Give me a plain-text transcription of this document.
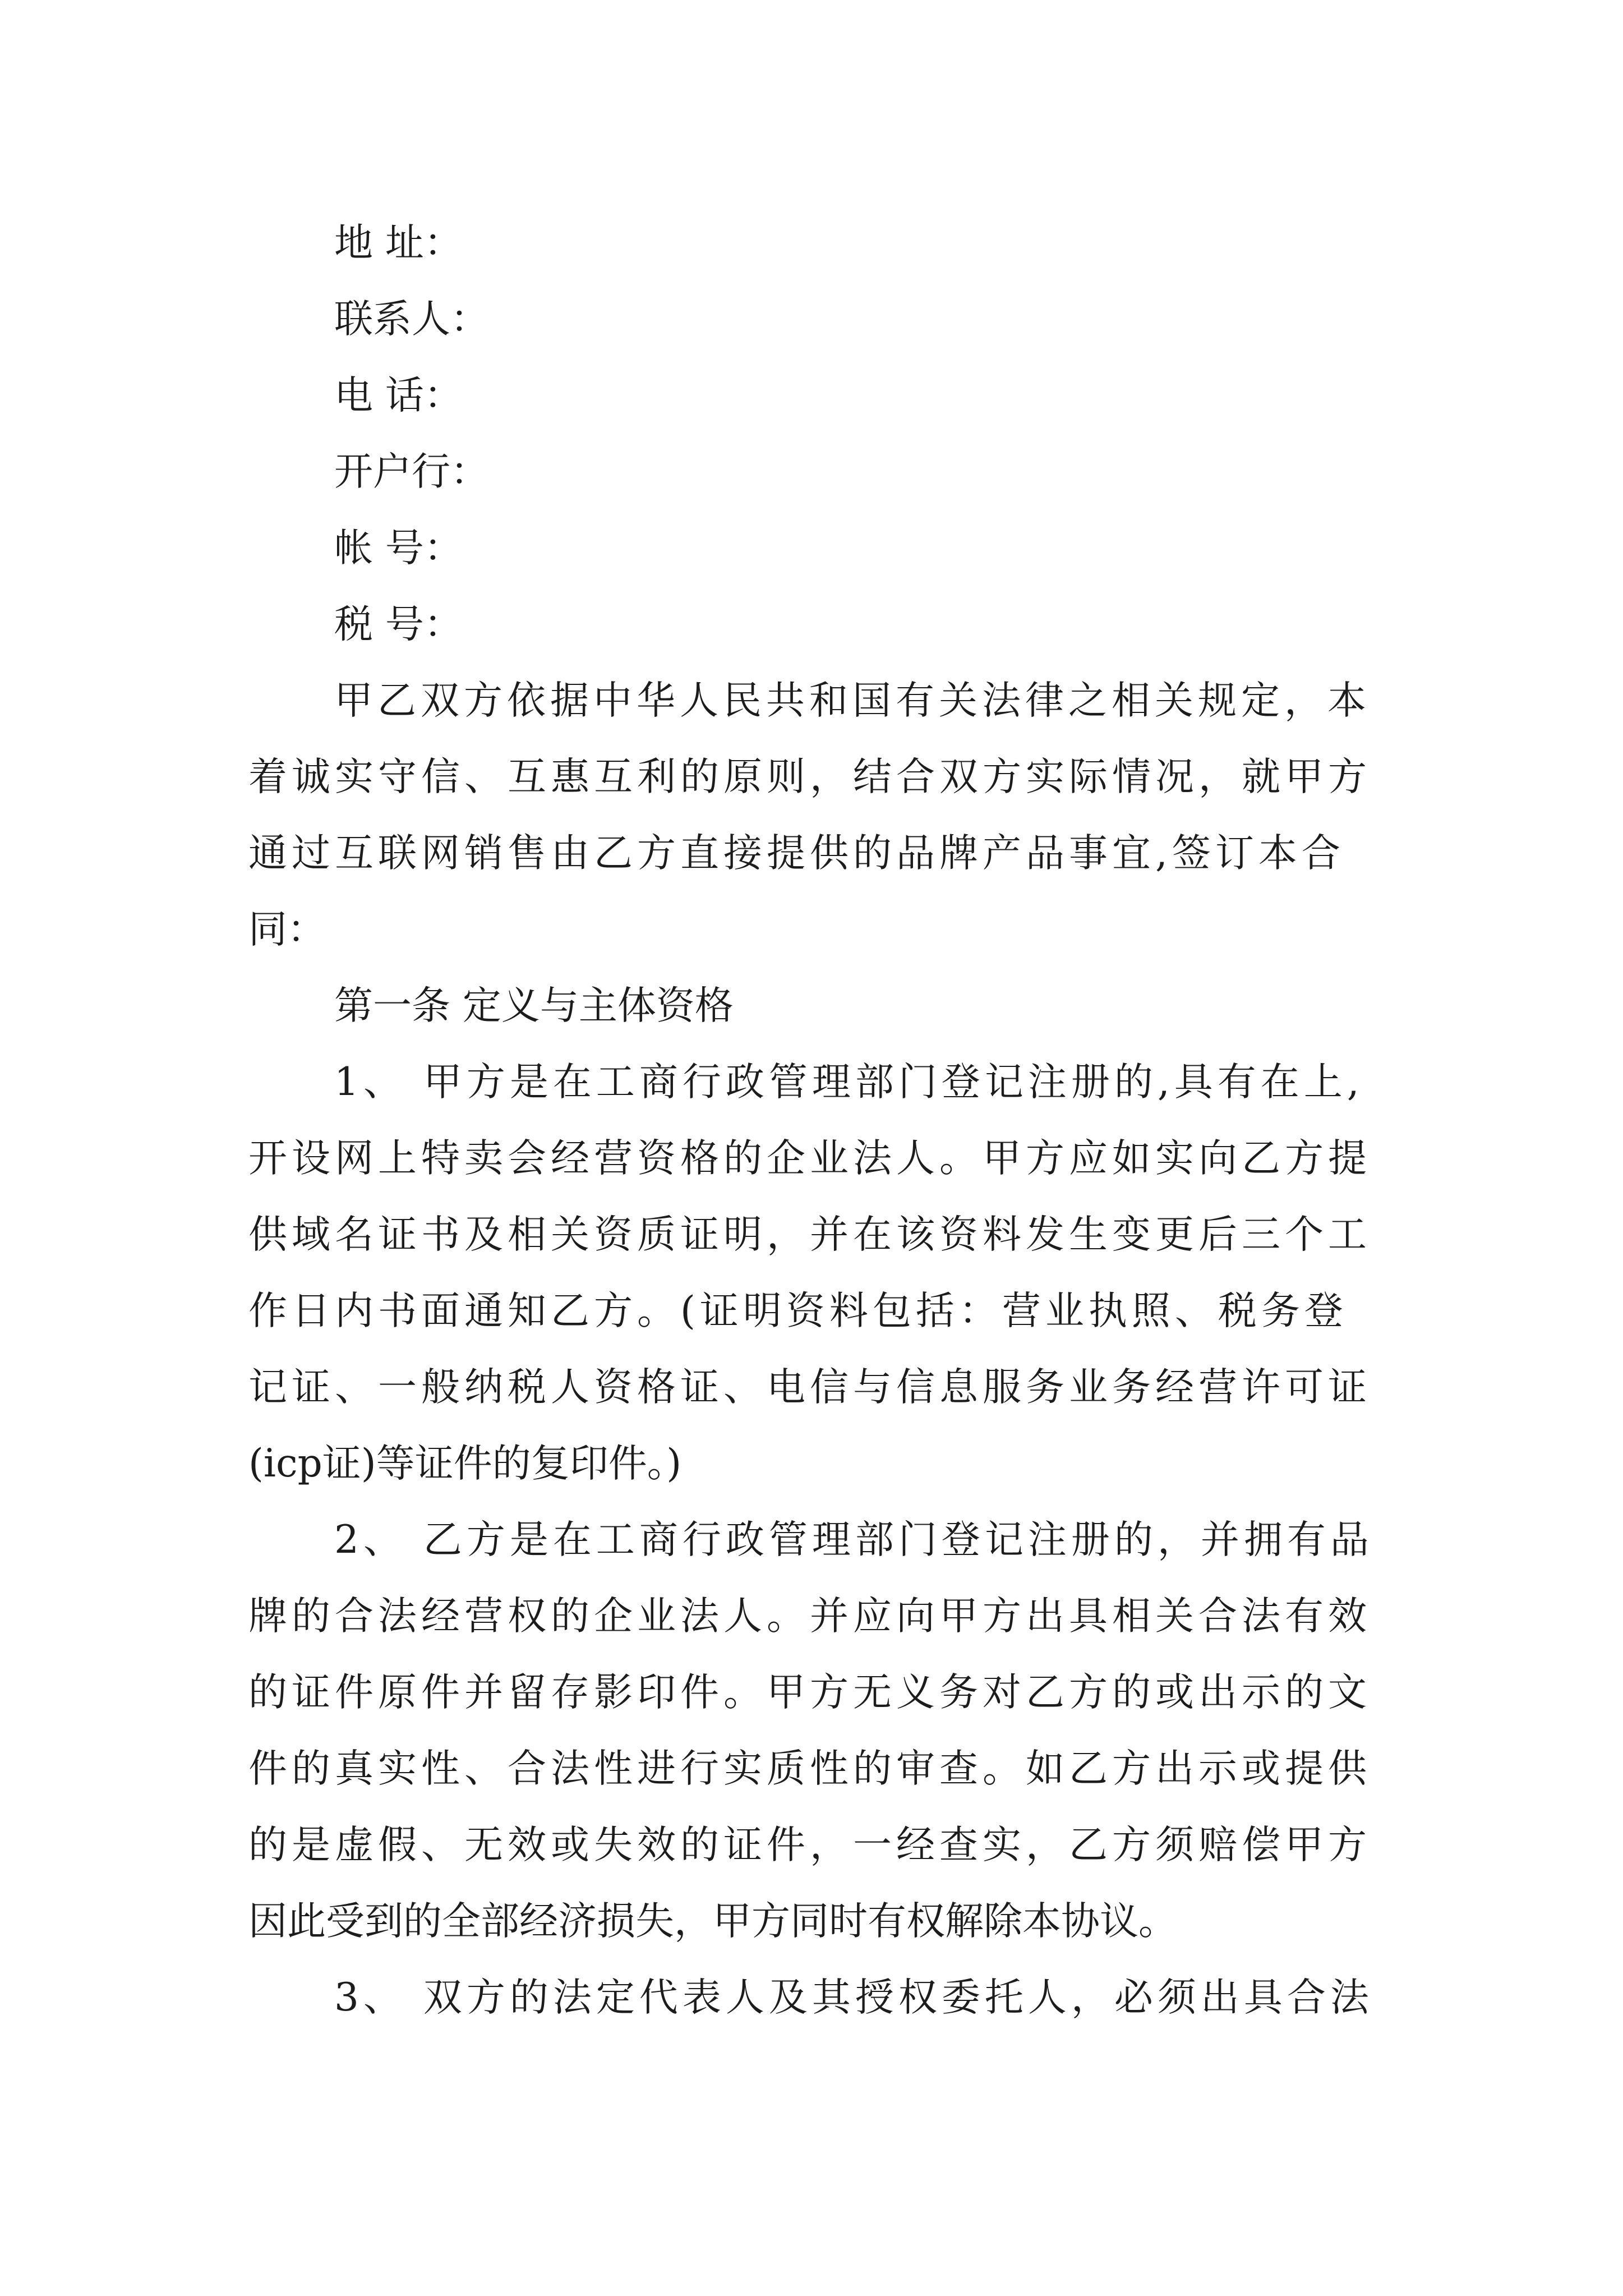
地 址：
联系人：
电 话：
开户行：
帐 号：
税 号：
甲乙双方依据中华人民共和国有关法律之相关规定，本
着诚实守信、互惠互利的原则，结合双方实际情况，就甲方
通过互联网销售由乙方直接提供的品牌产品事宜,签订本合
同：
第一条 定义与主体资格
1、 甲方是在工商行政管理部门登记注册的,具有在上,
开设网上特卖会经营资格的企业法人。甲方应如实向乙方提
供域名证书及相关资质证明，并在该资料发生变更后三个工
作日内书面通知乙方。(证明资料包括：营业执照、税务登
记证、一般纳税人资格证、电信与信息服务业务经营许可证
(icp证)等证件的复印件。)
2、 乙方是在工商行政管理部门登记注册的，并拥有品
牌的合法经营权的企业法人。并应向甲方出具相关合法有效
的证件原件并留存影印件。甲方无义务对乙方的或出示的文
件的真实性、合法性进行实质性的审查。如乙方出示或提供
的是虚假、无效或失效的证件，一经查实，乙方须赔偿甲方
因此受到的全部经济损失，甲方同时有权解除本协议。
3、 双方的法定代表人及其授权委托人，必须出具合法
